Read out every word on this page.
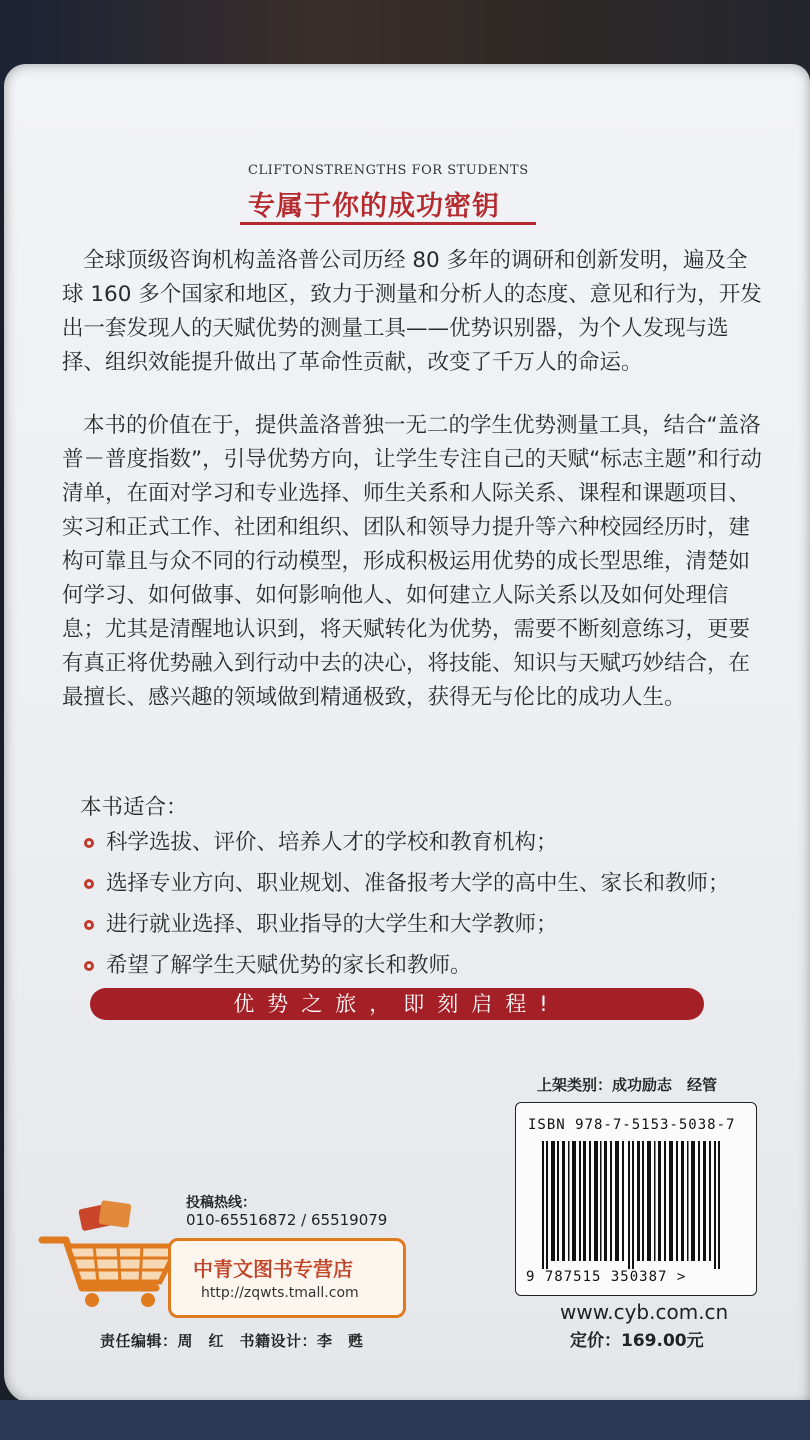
CLIFTONSTRENGTHS FOR STUDENTS
专属于你的成功密钥

全球顶级咨询机构盖洛普公司历经 80 多年的调研和创新发明，遍及全球 160 多个国家和地区，致力于测量和分析人的态度、意见和行为，开发出一套发现人的天赋优势的测量工具——优势识别器，为个人发现与选择、组织效能提升做出了革命性贡献，改变了千万人的命运。

本书的价值在于，提供盖洛普独一无二的学生优势测量工具，结合“盖洛普－普度指数”，引导优势方向，让学生专注自己的天赋“标志主题”和行动清单，在面对学习和专业选择、师生关系和人际关系、课程和课题项目、实习和正式工作、社团和组织、团队和领导力提升等六种校园经历时，建构可靠且与众不同的行动模型，形成积极运用优势的成长型思维，清楚如何学习、如何做事、如何影响他人、如何建立人际关系以及如何处理信息；尤其是清醒地认识到，将天赋转化为优势，需要不断刻意练习，更要有真正将优势融入到行动中去的决心，将技能、知识与天赋巧妙结合，在最擅长、感兴趣的领域做到精通极致，获得无与伦比的成功人生。

本书适合：
科学选拔、评价、培养人才的学校和教育机构；
选择专业方向、职业规划、准备报考大学的高中生、家长和教师；
进行就业选择、职业指导的大学生和大学教师；
希望了解学生天赋优势的家长和教师。
优势之旅，即刻启程!
上架类别：成功励志　经管
ISBN 978-7-5153-5038-7
9 787515 350387 >
www.cyb.com.cn
定价：169.00元
投稿热线：
010-65516872 / 65519079
中青文图书专营店
http://zqwts.tmall.com
责任编辑：周　红　书籍设计：李　甦
